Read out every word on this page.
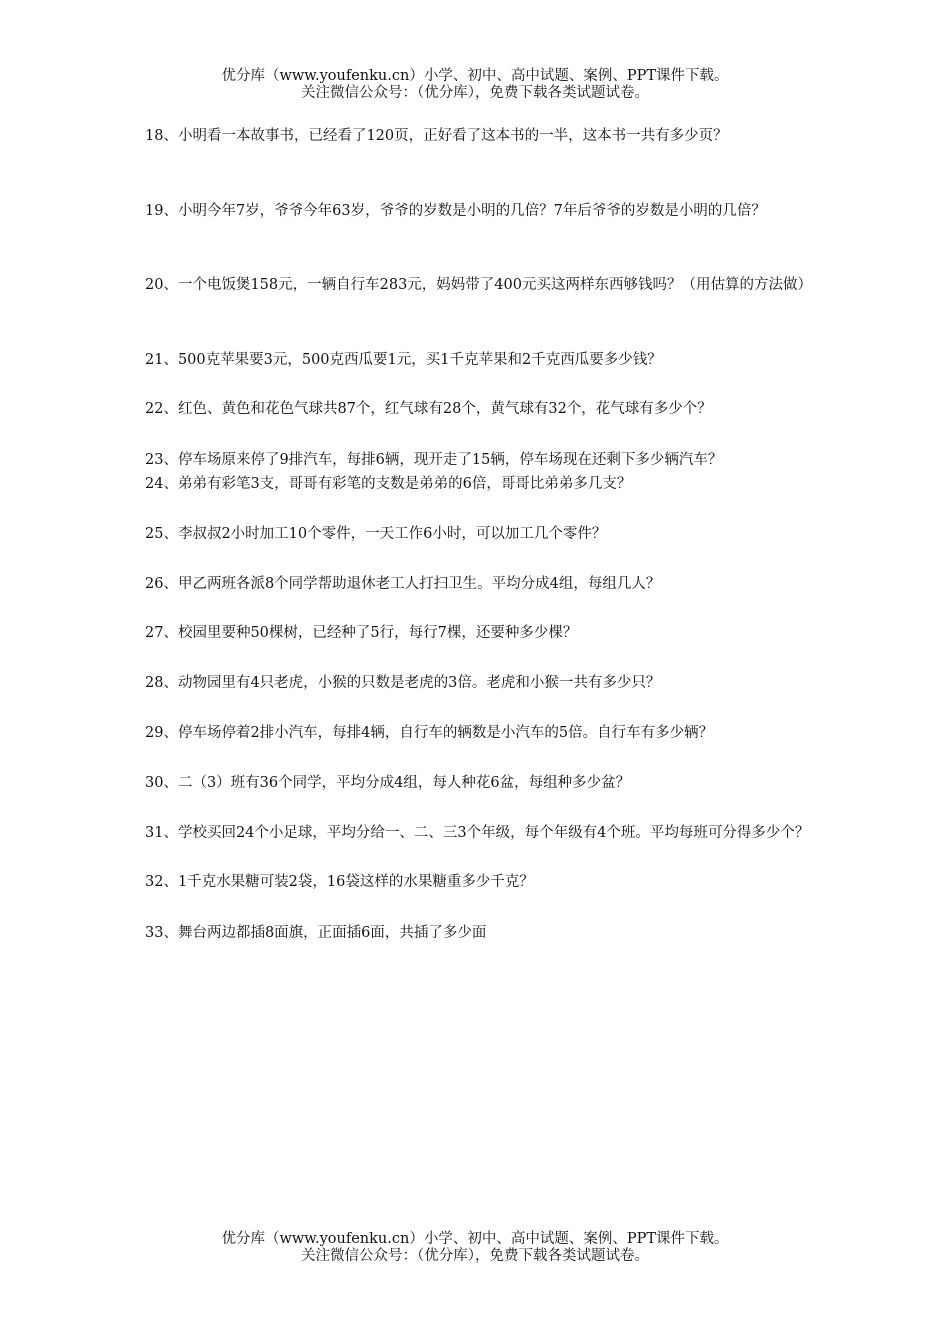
优分库（www.youfenku.cn）小学、初中、高中试题、案例、PPT课件下载。
关注微信公众号：（优分库），免费下载各类试题试卷。
18、小明看一本故事书，已经看了120页，正好看了这本书的一半，这本书一共有多少页？
19、小明今年7岁，爷爷今年63岁，爷爷的岁数是小明的几倍？7年后爷爷的岁数是小明的几倍？
20、一个电饭煲158元，一辆自行车283元，妈妈带了400元买这两样东西够钱吗？（用估算的方法做）
21、500克苹果要3元，500克西瓜要1元，买1千克苹果和2千克西瓜要多少钱？
22、红色、黄色和花色气球共87个，红气球有28个，黄气球有32个，花气球有多少个？
23、停车场原来停了9排汽车，每排6辆，现开走了15辆，停车场现在还剩下多少辆汽车？
24、弟弟有彩笔3支，哥哥有彩笔的支数是弟弟的6倍，哥哥比弟弟多几支？
25、李叔叔2小时加工10个零件，一天工作6小时，可以加工几个零件？
26、甲乙两班各派8个同学帮助退休老工人打扫卫生。平均分成4组，每组几人？
27、校园里要种50棵树，已经种了5行，每行7棵，还要种多少棵？
28、动物园里有4只老虎，小猴的只数是老虎的3倍。老虎和小猴一共有多少只？
29、停车场停着2排小汽车，每排4辆，自行车的辆数是小汽车的5倍。自行车有多少辆？
30、二（3）班有36个同学，平均分成4组，每人种花6盆，每组种多少盆？
31、学校买回24个小足球，平均分给一、二、三3个年级，每个年级有4个班。平均每班可分得多少个？
32、1千克水果糖可装2袋，16袋这样的水果糖重多少千克？
33、舞台两边都插8面旗，正面插6面，共插了多少面
优分库（www.youfenku.cn）小学、初中、高中试题、案例、PPT课件下载。
关注微信公众号：（优分库），免费下载各类试题试卷。
